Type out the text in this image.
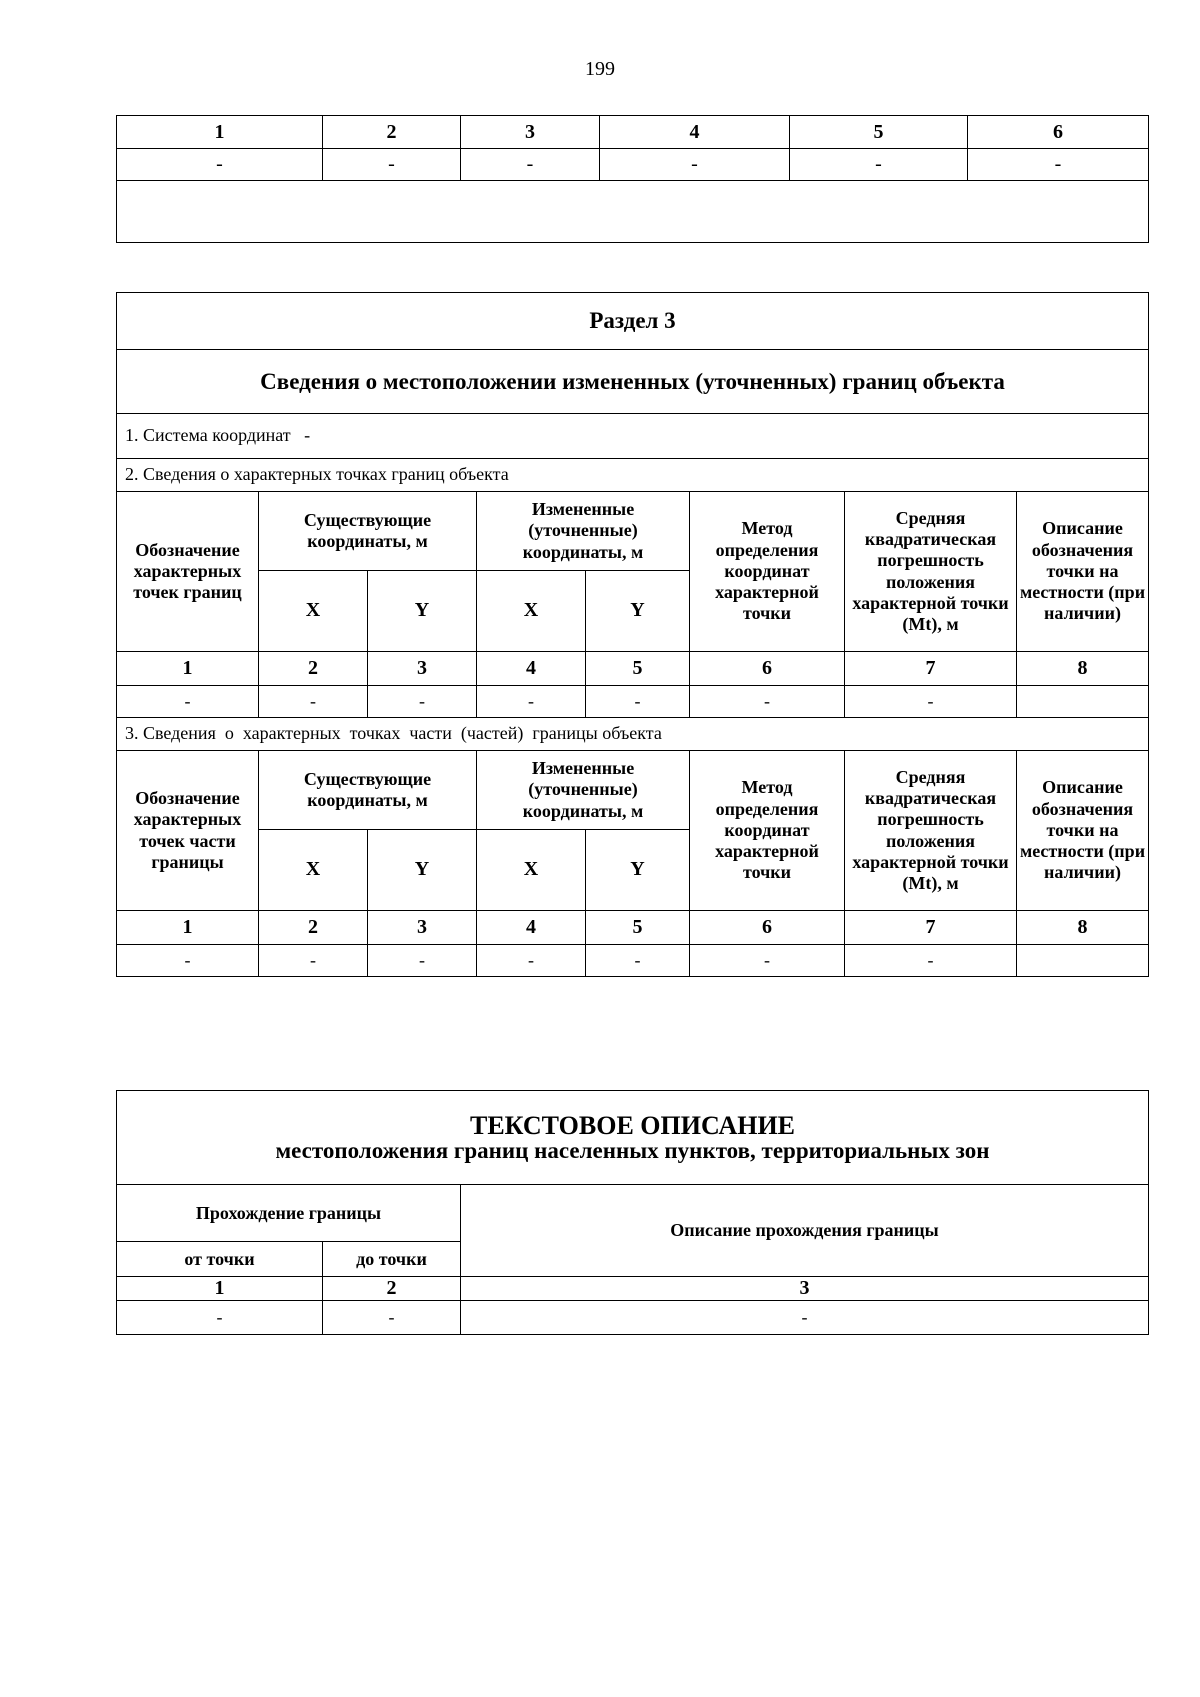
199
1	2	3	4	5	6
-	-	-	-	-	-

Раздел 3							
Сведения о местоположении измененных (уточненных) границ объекта							
1. Система координат -							
2. Сведения о характерных точках границ объекта							
Обозначение характерных точек границ	Существующие координаты, м		Измененные (уточненные) координаты, м		Метод определения координат характерной точки	Средняя квадратическая погрешность положения характерной точки (Mt), м	Описание обозначения точки на местности (при наличии)
	X	Y	X	Y			
1	2	3	4	5	6	7	8
-	-	-	-	-	-	-	
3. Сведения  о  характерных  точках  части  (частей)  границы объекта							
Обозначение характерных точек части границы	Существующие координаты, м		Измененные (уточненные) координаты, м		Метод определения координат характерной точки	Средняя квадратическая погрешность положения характерной точки (Mt), м	Описание обозначения точки на местности (при наличии)
	X	Y	X	Y			
1	2	3	4	5	6	7	8
-	-	-	-	-	-	-	
ТЕКСТОВОЕ ОПИСАНИЕ
местоположения границ населенных пунктов, территориальных зон		

Прохождение границы		Описание прохождения границы
от точки	до точки	
1	2	3
-	-	-
